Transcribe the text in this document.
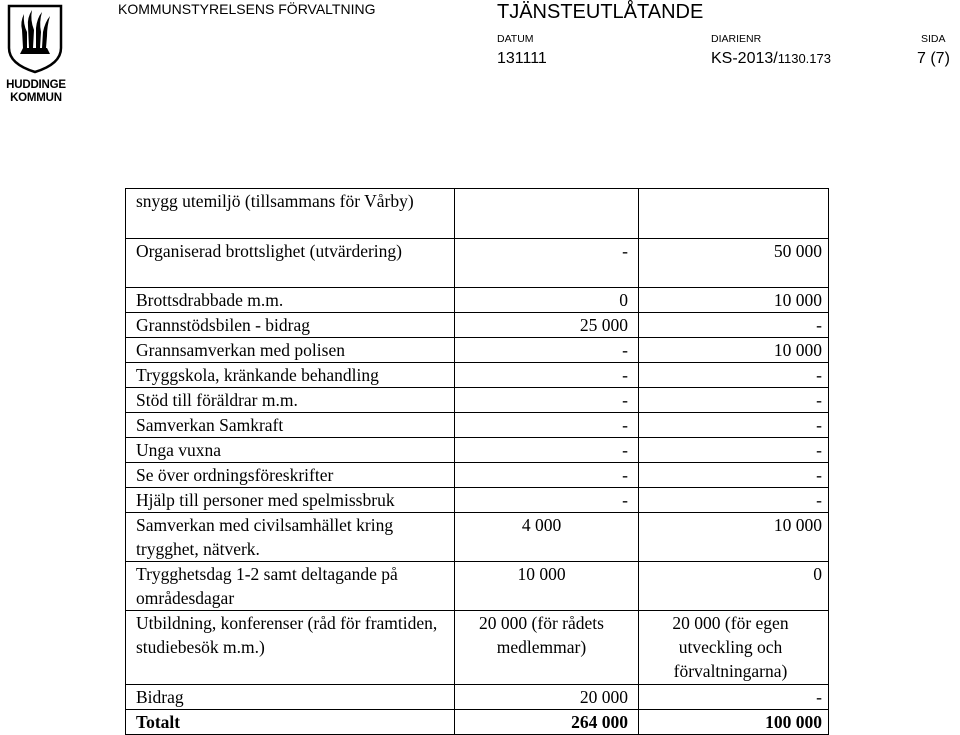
HUDDINGE
KOMMUN
KOMMUNSTYRELSENS FÖRVALTNING	TJÄNSTEUTLÅTANDE
DATUM	DIARIENR	SIDA
131111	KS-2013/1130.173	7 (7)
snygg utemiljö (tillsammans för Vårby)		
Organiserad brottslighet (utvärdering)	-	50 000
Brottsdrabbade m.m.	0	10 000
Grannstödsbilen - bidrag	25 000	-
Grannsamverkan med polisen	-	10 000
Tryggskola, kränkande behandling	-	-
Stöd till föräldrar m.m.	-	-
Samverkan Samkraft	-	-
Unga vuxna	-	-
Se över ordningsföreskrifter	-	-
Hjälp till personer med spelmissbruk	-	-
Samverkan med civilsamhället kring trygghet, nätverk.	4 000	10 000
Trygghetsdag 1-2 samt deltagande på områdesdagar	10 000	0
Utbildning, konferenser (råd för framtiden, studiebesök m.m.)	20 000 (för rådets medlemmar)	20 000 (för egen utveckling och förvaltningarna)
Bidrag	20 000	-
Totalt	264 000	100 000
